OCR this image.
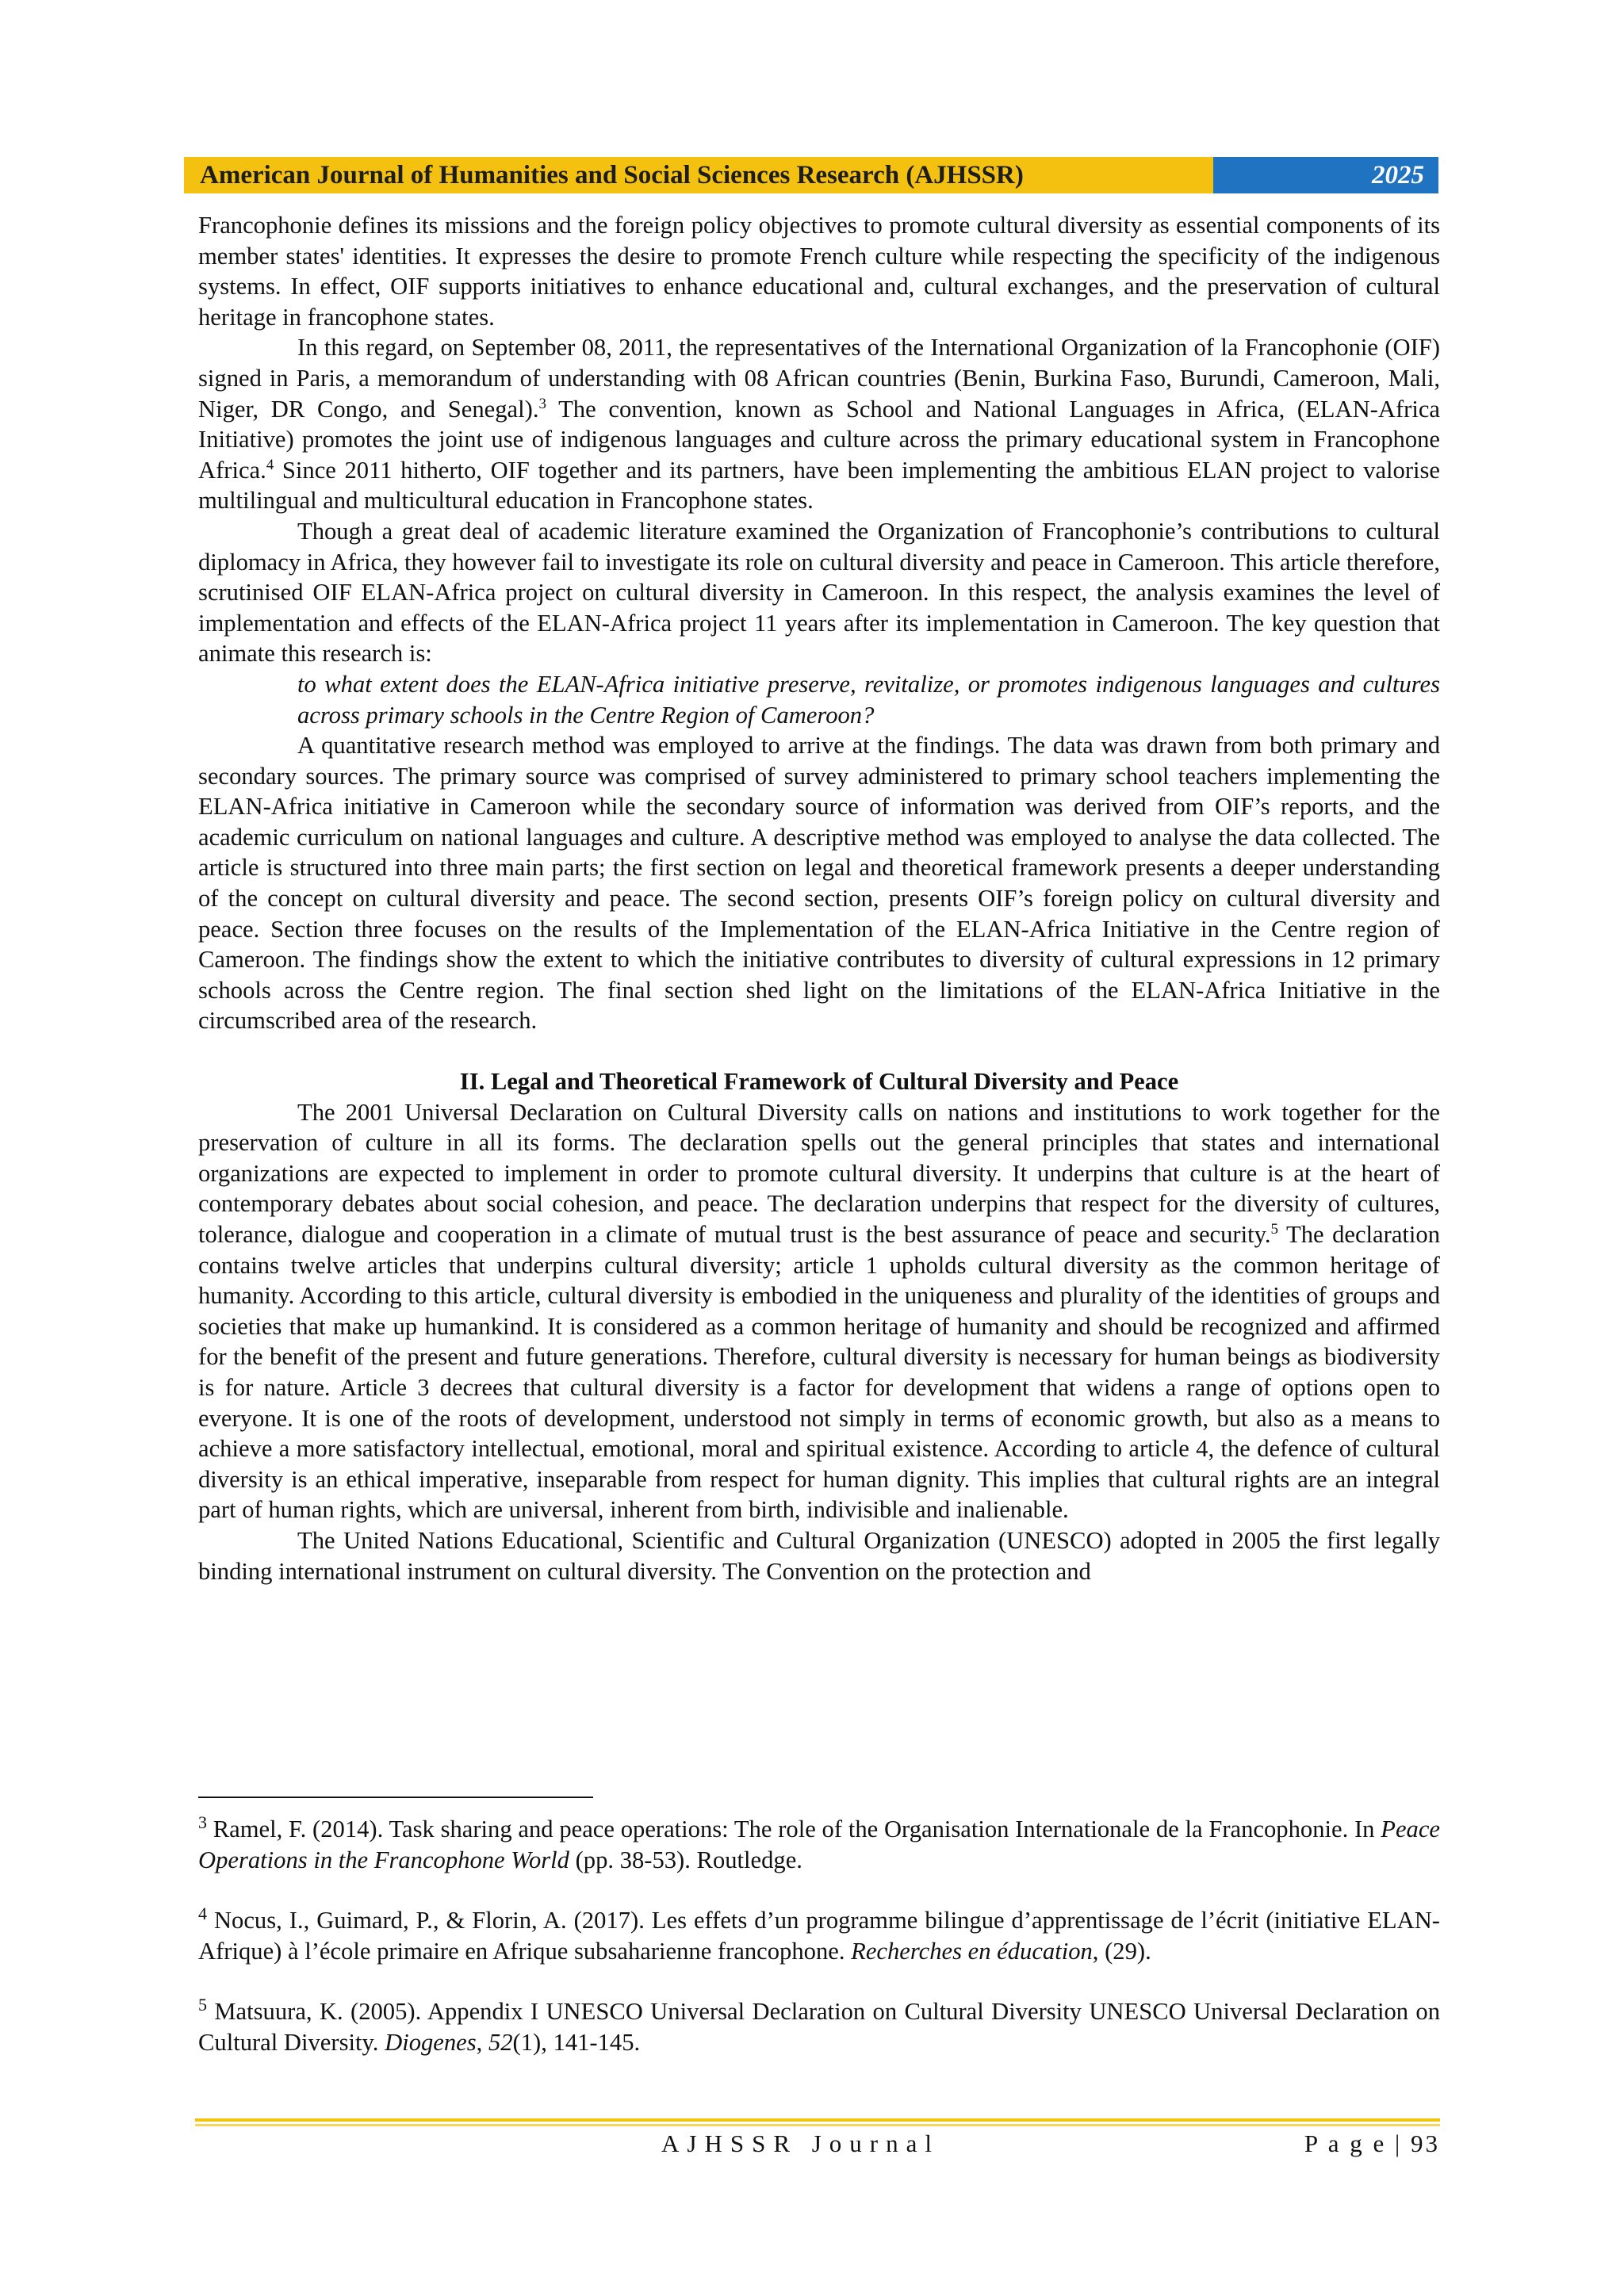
American Journal of Humanities and Social Sciences Research (AJHSSR)	2025

Francophonie defines its missions and the foreign policy objectives to promote cultural diversity as essential components of its member states' identities. It expresses the desire to promote French culture while respecting the specificity of the indigenous systems. In effect, OIF supports initiatives to enhance educational and, cultural exchanges, and the preservation of cultural heritage in francophone states.

In this regard, on September 08, 2011, the representatives of the International Organization of la Francophonie (OIF) signed in Paris, a memorandum of understanding with 08 African countries (Benin, Burkina Faso, Burundi, Cameroon, Mali, Niger, DR Congo, and Senegal).$^3$ The convention, known as School and National Languages in Africa, (ELAN-Africa Initiative) promotes the joint use of indigenous languages and culture across the primary educational system in Francophone Africa.$^4$ Since 2011 hitherto, OIF together and its partners, have been implementing the ambitious ELAN project to valorise multilingual and multicultural education in Francophone states.

Though a great deal of academic literature examined the Organization of Francophonie’s contributions to cultural diplomacy in Africa, they however fail to investigate its role on cultural diversity and peace in Cameroon. This article therefore, scrutinised OIF ELAN-Africa project on cultural diversity in Cameroon. In this respect, the analysis examines the level of implementation and effects of the ELAN-Africa project 11 years after its implementation in Cameroon. The key question that animate this research is:

to what extent does the ELAN-Africa initiative preserve, revitalize, or promotes indigenous languages and cultures across primary schools in the Centre Region of Cameroon?

A quantitative research method was employed to arrive at the findings. The data was drawn from both primary and secondary sources. The primary source was comprised of survey administered to primary school teachers implementing the ELAN-Africa initiative in Cameroon while the secondary source of information was derived from OIF’s reports, and the academic curriculum on national languages and culture. A descriptive method was employed to analyse the data collected. The article is structured into three main parts; the first section on legal and theoretical framework presents a deeper understanding of the concept on cultural diversity and peace. The second section, presents OIF’s foreign policy on cultural diversity and peace. Section three focuses on the results of the Implementation of the ELAN-Africa Initiative in the Centre region of Cameroon. The findings show the extent to which the initiative contributes to diversity of cultural expressions in 12 primary schools across the Centre region. The final section shed light on the limitations of the ELAN-Africa Initiative in the circumscribed area of the research.

II. Legal and Theoretical Framework of Cultural Diversity and Peace

The 2001 Universal Declaration on Cultural Diversity calls on nations and institutions to work together for the preservation of culture in all its forms. The declaration spells out the general principles that states and international organizations are expected to implement in order to promote cultural diversity. It underpins that culture is at the heart of contemporary debates about social cohesion, and peace. The declaration underpins that respect for the diversity of cultures, tolerance, dialogue and cooperation in a climate of mutual trust is the best assurance of peace and security.$^5$ The declaration contains twelve articles that underpins cultural diversity; article 1 upholds cultural diversity as the common heritage of humanity. According to this article, cultural diversity is embodied in the uniqueness and plurality of the identities of groups and societies that make up humankind. It is considered as a common heritage of humanity and should be recognized and affirmed for the benefit of the present and future generations. Therefore, cultural diversity is necessary for human beings as biodiversity is for nature. Article 3 decrees that cultural diversity is a factor for development that widens a range of options open to everyone. It is one of the roots of development, understood not simply in terms of economic growth, but also as a means to achieve a more satisfactory intellectual, emotional, moral and spiritual existence. According to article 4, the defence of cultural diversity is an ethical imperative, inseparable from respect for human dignity. This implies that cultural rights are an integral part of human rights, which are universal, inherent from birth, indivisible and inalienable.

The United Nations Educational, Scientific and Cultural Organization (UNESCO) adopted in 2005 the first legally binding international instrument on cultural diversity. The Convention on the protection and

$^3$ Ramel, F. (2014). Task sharing and peace operations: The role of the Organisation Internationale de la Francophonie. In Peace Operations in the Francophone World (pp. 38-53). Routledge.

$^4$ Nocus, I., Guimard, P., & Florin, A. (2017). Les effets d’un programme bilingue d’apprentissage de l’écrit (initiative ELAN-Afrique) à l’école primaire en Afrique subsaharienne francophone. Recherches en éducation, (29).

$^5$ Matsuura, K. (2005). Appendix I UNESCO Universal Declaration on Cultural Diversity UNESCO Universal Declaration on Cultural Diversity. Diogenes, 52(1), 141-145.

AJHSSR Journal	P a g e | 93
